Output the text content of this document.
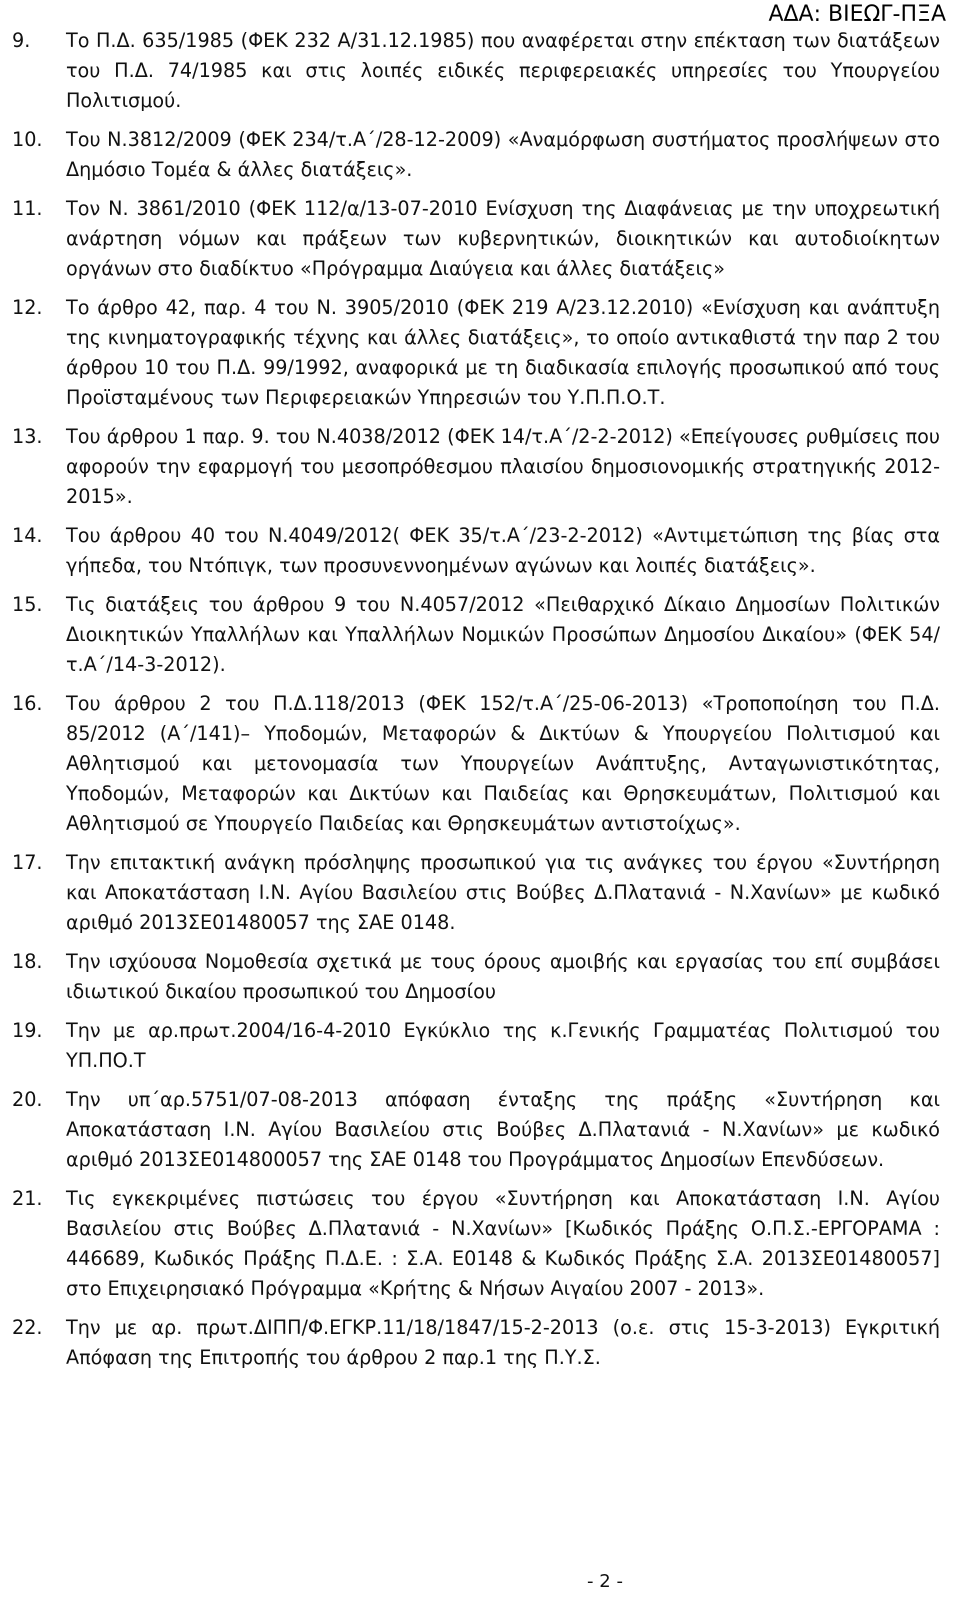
ΑΔΑ: ΒΙΕΩΓ-ΠΞΑ
9.	Το Π.Δ. 635/1985 (ΦΕΚ 232 Α/31.12.1985) που αναφέρεται στην επέκταση των διατάξεων του Π.Δ. 74/1985 και στις λοιπές ειδικές περιφερειακές υπηρεσίες του Υπουργείου Πολιτισμού.
10.	Του Ν.3812/2009 (ΦΕΚ 234/τ.Α΄/28-12-2009) «Αναμόρφωση συστήματος προσλήψεων στο Δημόσιο Τομέα & άλλες διατάξεις».
11.	Τον Ν. 3861/2010 (ΦΕΚ 112/α/13-07-2010 Ενίσχυση της Διαφάνειας με την υποχρεωτική ανάρτηση νόμων και πράξεων των κυβερνητικών, διοικητικών και αυτοδιοίκητων οργάνων στο διαδίκτυο «Πρόγραμμα Διαύγεια και άλλες διατάξεις»
12.	Το άρθρο 42, παρ. 4 του Ν. 3905/2010 (ΦΕΚ 219 Α/23.12.2010) «Ενίσχυση και ανάπτυξη της κινηματογραφικής τέχνης και άλλες διατάξεις», το οποίο αντικαθιστά την παρ 2 του άρθρου 10 του Π.Δ. 99/1992, αναφορικά με τη διαδικασία επιλογής προσωπικού από τους Προϊσταμένους των Περιφερειακών Υπηρεσιών του Υ.Π.Π.Ο.Τ.
13.	Του άρθρου 1 παρ. 9. του Ν.4038/2012 (ΦΕΚ 14/τ.Α΄/2-2-2012) «Επείγουσες ρυθμίσεις που αφορούν την εφαρμογή του μεσοπρόθεσμου πλαισίου δημοσιονομικής στρατηγικής 2012-2015».
14.	Του άρθρου 40 του Ν.4049/2012( ΦΕΚ 35/τ.Α΄/23-2-2012) «Αντιμετώπιση της βίας στα γήπεδα, του Ντόπιγκ, των προσυνεννοημένων αγώνων και λοιπές διατάξεις».
15.	Τις διατάξεις του άρθρου 9 του Ν.4057/2012 «Πειθαρχικό Δίκαιο Δημοσίων Πολιτικών Διοικητικών Υπαλλήλων και Υπαλλήλων Νομικών Προσώπων Δημοσίου Δικαίου» (ΦΕΚ 54/τ.Α΄/14-3-2012).
16.	Του άρθρου 2 του Π.Δ.118/2013 (ΦΕΚ 152/τ.Α΄/25-06-2013) «Τροποποίηση του Π.Δ. 85/2012 (Α΄/141)– Υποδομών, Μεταφορών & Δικτύων & Υπουργείου Πολιτισμού και Αθλητισμού και μετονομασία των Υπουργείων Ανάπτυξης, Ανταγωνιστικότητας, Υποδομών, Μεταφορών και Δικτύων και Παιδείας και Θρησκευμάτων, Πολιτισμού και Αθλητισμού σε Υπουργείο Παιδείας και Θρησκευμάτων αντιστοίχως».
17.	Την επιτακτική ανάγκη πρόσληψης προσωπικού για τις ανάγκες του έργου «Συντήρηση και Αποκατάσταση Ι.Ν. Αγίου Βασιλείου στις Βούβες Δ.Πλατανιά - Ν.Χανίων» με κωδικό αριθμό 2013ΣΕ01480057 της ΣΑΕ 0148.
18.	Την ισχύουσα Νομοθεσία σχετικά με τους όρους αμοιβής και εργασίας του επί συμβάσει ιδιωτικού δικαίου προσωπικού του Δημοσίου
19.	Την με αρ.πρωτ.2004/16-4-2010 Εγκύκλιο της κ.Γενικής Γραμματέας Πολιτισμού του ΥΠ.ΠΟ.Τ
20.	Την υπ΄αρ.5751/07-08-2013 απόφαση ένταξης της πράξης «Συντήρηση και Αποκατάσταση Ι.Ν. Αγίου Βασιλείου στις Βούβες Δ.Πλατανιά - Ν.Χανίων» με κωδικό αριθμό 2013ΣΕ014800057 της ΣΑΕ 0148 του Προγράμματος Δημοσίων Επενδύσεων.
21.	Τις εγκεκριμένες πιστώσεις του έργου «Συντήρηση και Αποκατάσταση Ι.Ν. Αγίου Βασιλείου στις Βούβες Δ.Πλατανιά - Ν.Χανίων» [Κωδικός Πράξης Ο.Π.Σ.-ΕΡΓΟΡΑΜΑ : 446689, Κωδικός Πράξης Π.Δ.Ε. : Σ.Α. Ε0148 & Κωδικός Πράξης Σ.Α. 2013ΣΕ01480057] στο Επιχειρησιακό Πρόγραμμα «Κρήτης & Νήσων Αιγαίου 2007 - 2013».
22.	Την με αρ. πρωτ.ΔΙΠΠ/Φ.ΕΓΚΡ.11/18/1847/15-2-2013 (ο.ε. στις 15-3-2013) Εγκριτική Απόφαση της Επιτροπής του άρθρου 2 παρ.1 της Π.Υ.Σ.
- 2 -
